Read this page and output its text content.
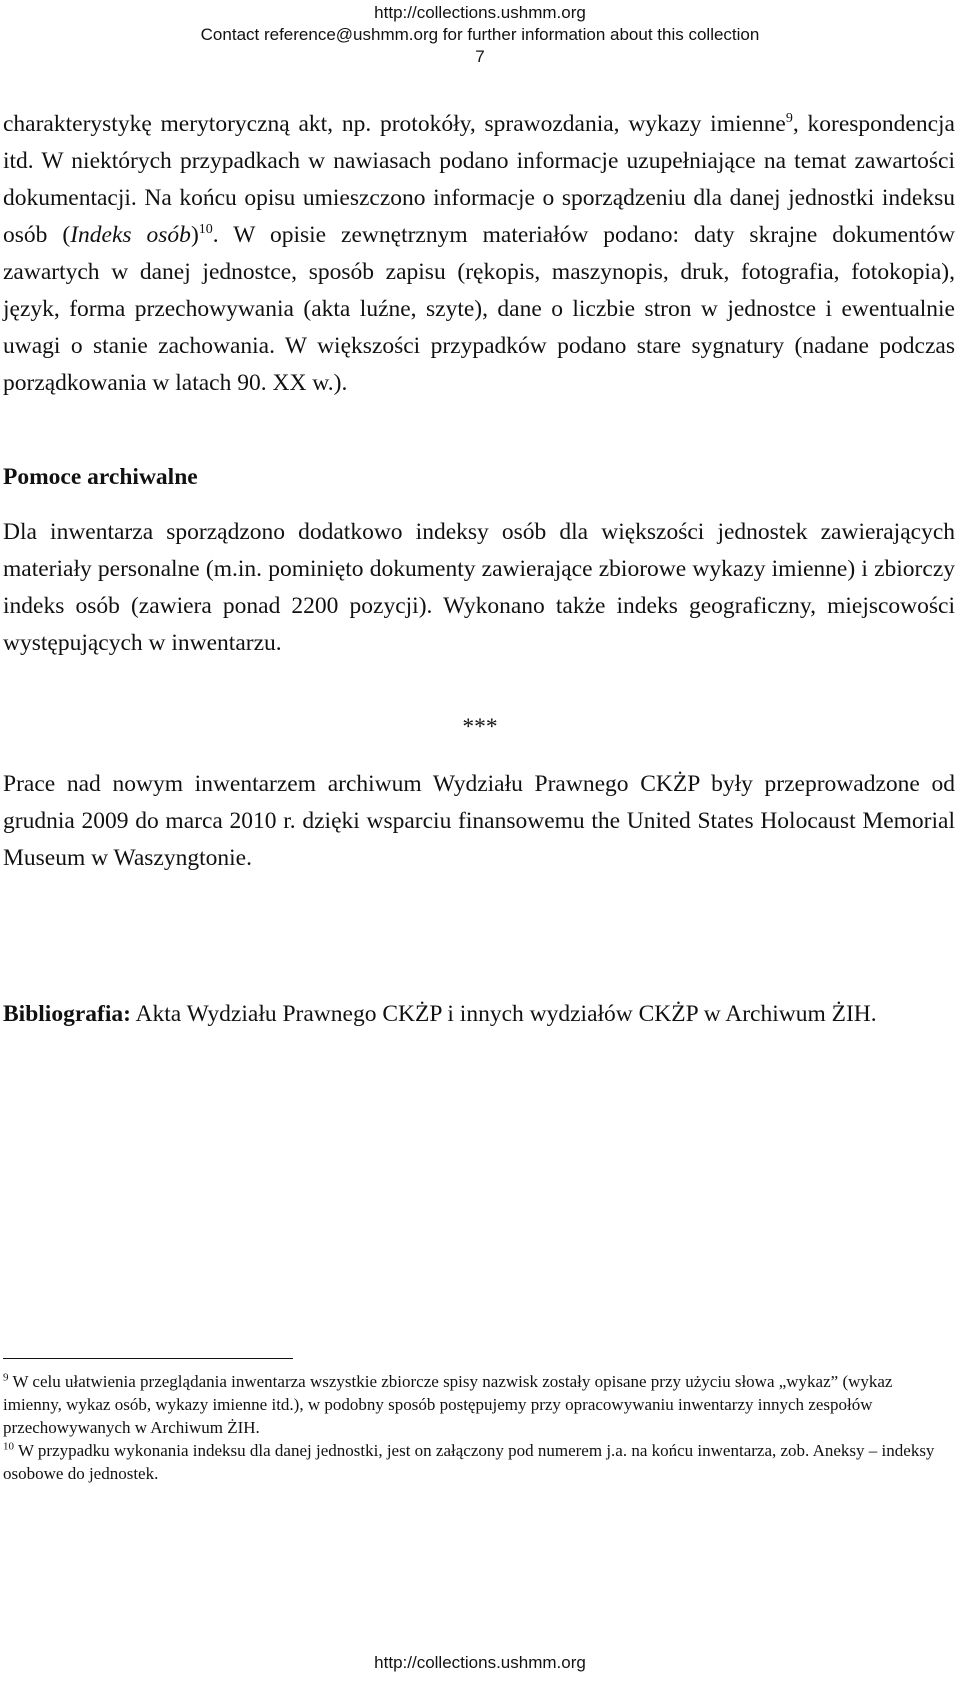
http://collections.ushmm.org
Contact reference@ushmm.org for further information about this collection
7

charakterystykę merytoryczną akt, np. protokóły, sprawozdania, wykazy imienne$^9$, korespondencja itd. W niektórych przypadkach w nawiasach podano informacje uzupełniające na temat zawartości dokumentacji. Na końcu opisu umieszczono informacje o sporządzeniu dla danej jednostki indeksu osób (Indeks osób)$^{10}$. W opisie zewnętrznym materiałów podano: daty skrajne dokumentów zawartych w danej jednostce, sposób zapisu (rękopis, maszynopis, druk, fotografia, fotokopia), język, forma przechowywania (akta luźne, szyte), dane o liczbie stron w jednostce i ewentualnie uwagi o stanie zachowania. W większości przypadków podano stare sygnatury (nadane podczas porządkowania w latach 90. XX w.).

Pomoce archiwalne

Dla inwentarza sporządzono dodatkowo indeksy osób dla większości jednostek zawierających materiały personalne (m.in. pominięto dokumenty zawierające zbiorowe wykazy imienne) i zbiorczy indeks osób (zawiera ponad 2200 pozycji). Wykonano także indeks geograficzny, miejscowości występujących w inwentarzu.

***

Prace nad nowym inwentarzem archiwum Wydziału Prawnego CKŻP były przeprowadzone od grudnia 2009 do marca 2010 r. dzięki wsparciu finansowemu the United States Holocaust Memorial Museum w Waszyngtonie.

Bibliografia: Akta Wydziału Prawnego CKŻP i innych wydziałów CKŻP w Archiwum ŻIH.

$^9$ W celu ułatwienia przeglądania inwentarza wszystkie zbiorcze spisy nazwisk zostały opisane przy użyciu słowa „wykaz” (wykaz imienny, wykaz osób, wykazy imienne itd.), w podobny sposób postępujemy przy opracowywaniu inwentarzy innych zespołów przechowywanych w Archiwum ŻIH.

$^{10}$ W przypadku wykonania indeksu dla danej jednostki, jest on załączony pod numerem j.a. na końcu inwentarza, zob. Aneksy – indeksy osobowe do jednostek.

http://collections.ushmm.org
